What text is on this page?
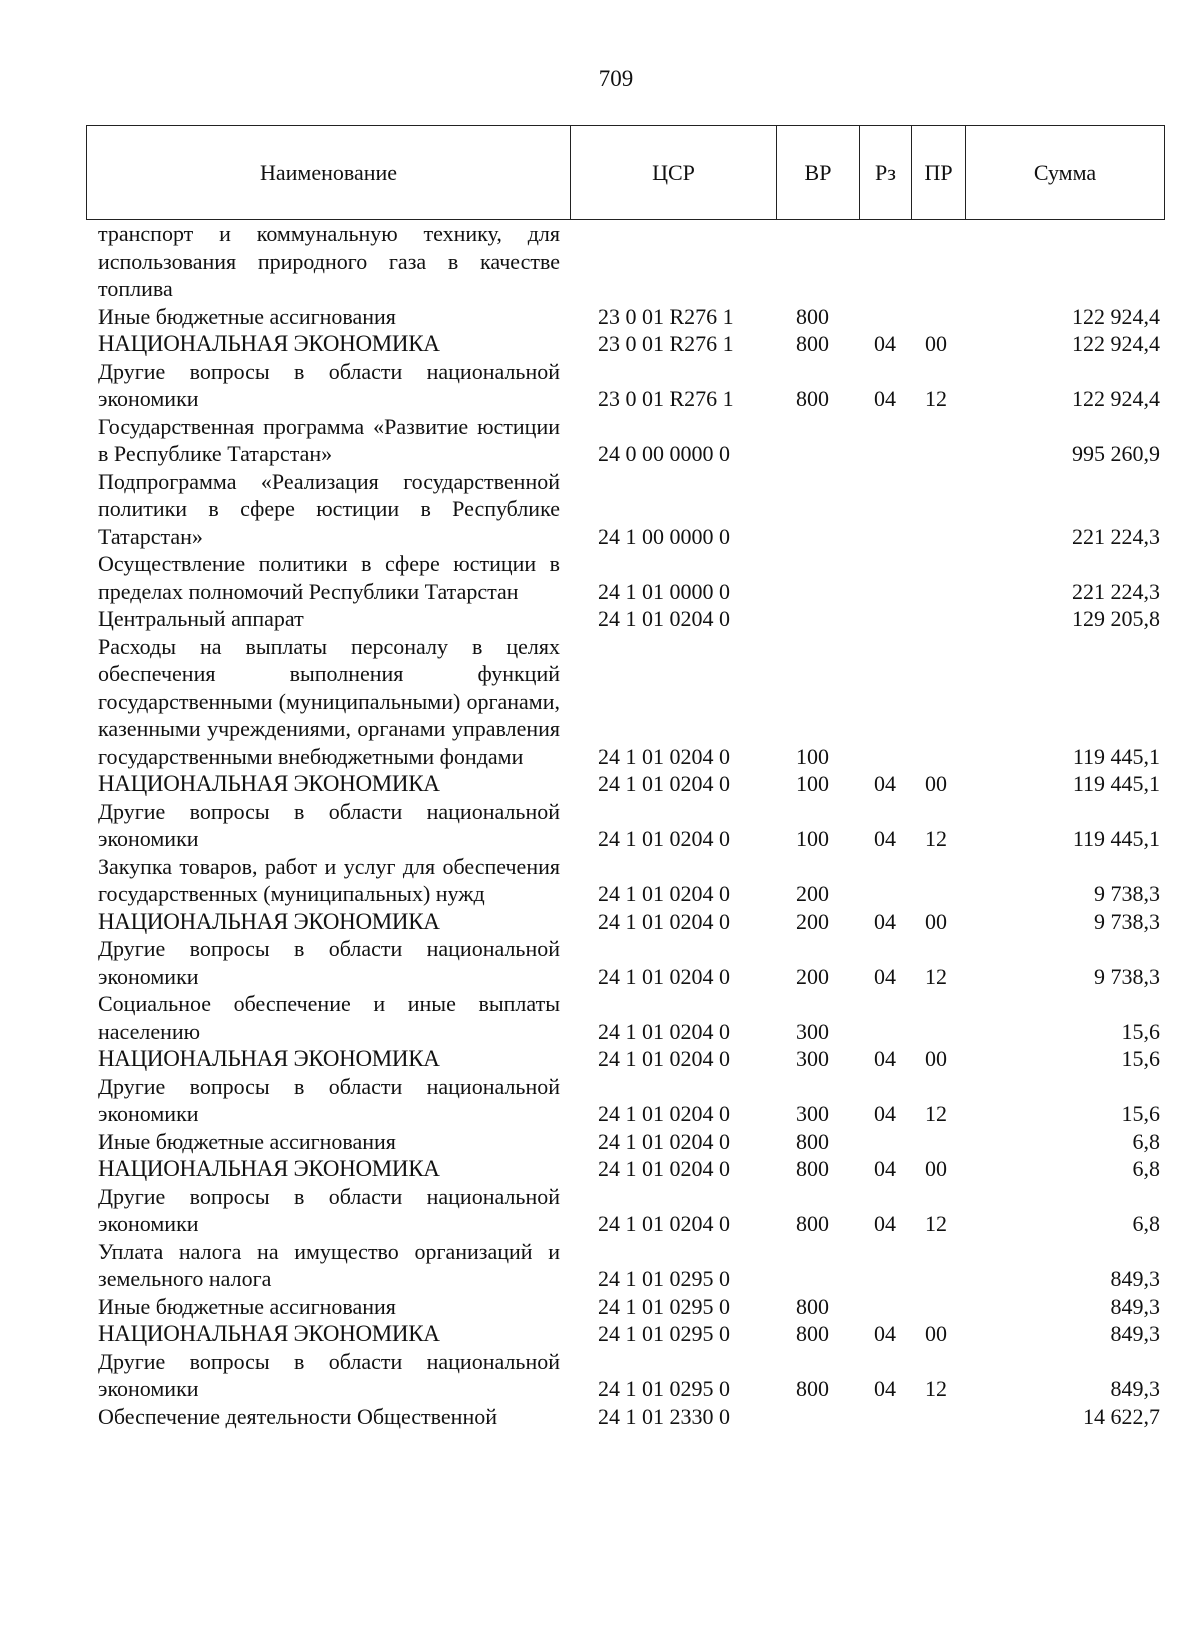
709
Наименование	ЦСР	ВР	Рз	ПР	Сумма
транспорт и коммунальную технику, для использования природного газа в качестве топлива					
Иные бюджетные ассигнования	23 0 01 R276 1	800			122 924,4
НАЦИОНАЛЬНАЯ ЭКОНОМИКА	23 0 01 R276 1	800	04	00	122 924,4
Другие вопросы в области национальной экономики	23 0 01 R276 1	800	04	12	122 924,4
Государственная программа «Развитие юстиции в Республике Татарстан»	24 0 00 0000 0				995 260,9
Подпрограмма «Реализация государственной политики в сфере юстиции в Республике Татарстан»	24 1 00 0000 0				221 224,3
Осуществление политики в сфере юстиции в пределах полномочий Республики Татарстан	24 1 01 0000 0				221 224,3
Центральный аппарат	24 1 01 0204 0				129 205,8
Расходы на выплаты персоналу в целях обеспечения выполнения функций государственными (муниципальными) органами, казенными учреждениями, органами управления государственными внебюджетными фондами	24 1 01 0204 0	100			119 445,1
НАЦИОНАЛЬНАЯ ЭКОНОМИКА	24 1 01 0204 0	100	04	00	119 445,1
Другие вопросы в области национальной экономики	24 1 01 0204 0	100	04	12	119 445,1
Закупка товаров, работ и услуг для обеспечения государственных (муниципальных) нужд	24 1 01 0204 0	200			9 738,3
НАЦИОНАЛЬНАЯ ЭКОНОМИКА	24 1 01 0204 0	200	04	00	9 738,3
Другие вопросы в области национальной экономики	24 1 01 0204 0	200	04	12	9 738,3
Социальное обеспечение и иные выплаты населению	24 1 01 0204 0	300			15,6
НАЦИОНАЛЬНАЯ ЭКОНОМИКА	24 1 01 0204 0	300	04	00	15,6
Другие вопросы в области национальной экономики	24 1 01 0204 0	300	04	12	15,6
Иные бюджетные ассигнования	24 1 01 0204 0	800			6,8
НАЦИОНАЛЬНАЯ ЭКОНОМИКА	24 1 01 0204 0	800	04	00	6,8
Другие вопросы в области национальной экономики	24 1 01 0204 0	800	04	12	6,8
Уплата налога на имущество организаций и земельного налога	24 1 01 0295 0				849,3
Иные бюджетные ассигнования	24 1 01 0295 0	800			849,3
НАЦИОНАЛЬНАЯ ЭКОНОМИКА	24 1 01 0295 0	800	04	00	849,3
Другие вопросы в области национальной экономики	24 1 01 0295 0	800	04	12	849,3
Обеспечение деятельности Общественной	24 1 01 2330 0				14 622,7
